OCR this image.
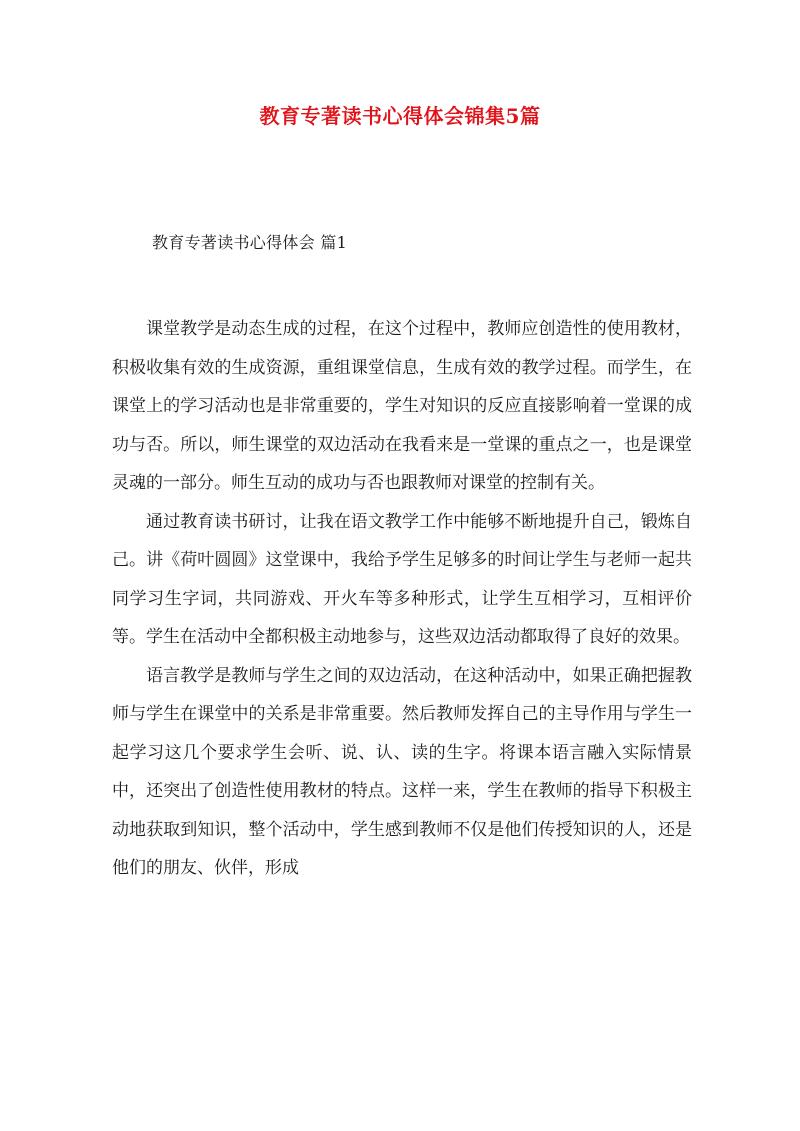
教育专著读书心得体会锦集5篇
教育专著读书心得体会 篇1

课堂教学是动态生成的过程，在这个过程中，教师应创造性的使用教材，积极收集有效的生成资源，重组课堂信息，生成有效的教学过程。而学生，在课堂上的学习活动也是非常重要的，学生对知识的反应直接影响着一堂课的成功与否。所以，师生课堂的双边活动在我看来是一堂课的重点之一，也是课堂灵魂的一部分。师生互动的成功与否也跟教师对课堂的控制有关。

通过教育读书研讨，让我在语文教学工作中能够不断地提升自己，锻炼自己。讲《荷叶圆圆》这堂课中，我给予学生足够多的时间让学生与老师一起共同学习生字词，共同游戏、开火车等多种形式，让学生互相学习，互相评价等。学生在活动中全都积极主动地参与，这些双边活动都取得了良好的效果。

语言教学是教师与学生之间的双边活动，在这种活动中，如果正确把握教师与学生在课堂中的关系是非常重要。然后教师发挥自己的主导作用与学生一起学习这几个要求学生会听、说、认、读的生字。将课本语言融入实际情景中，还突出了创造性使用教材的特点。这样一来，学生在教师的指导下积极主动地获取到知识，整个活动中，学生感到教师不仅是他们传授知识的人，还是他们的朋友、伙伴，形成
